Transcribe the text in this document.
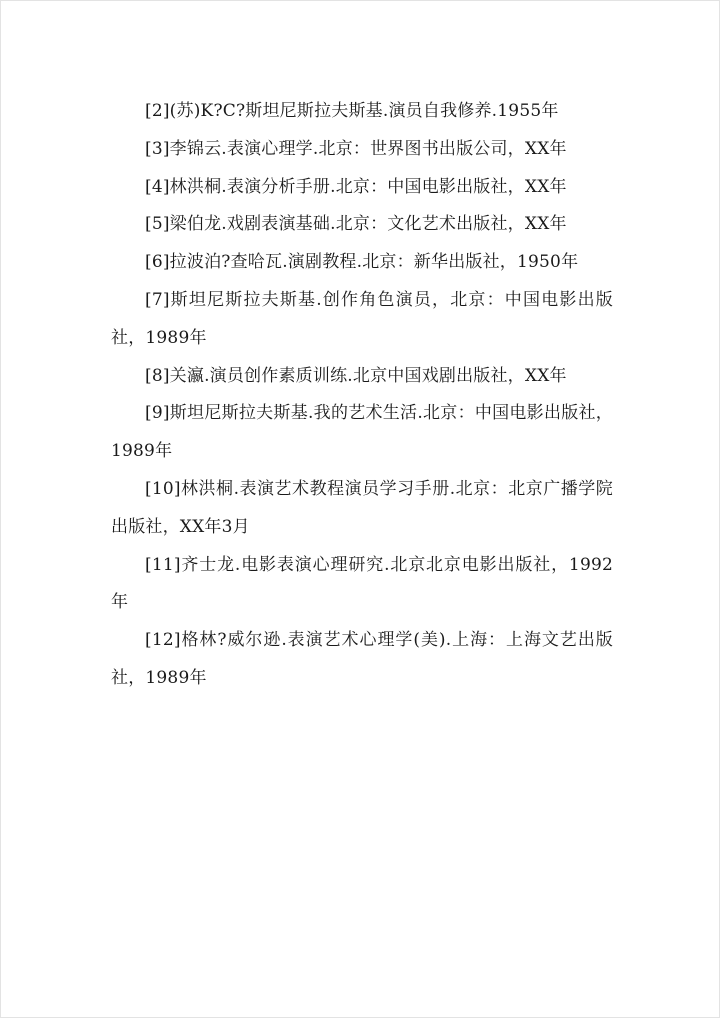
[2](苏)K?C?斯坦尼斯拉夫斯基.演员自我修养.1955年
[3]李锦云.表演心理学.北京：世界图书出版公司，XX年
[4]林洪桐.表演分析手册.北京：中国电影出版社，XX年
[5]梁伯龙.戏剧表演基础.北京：文化艺术出版社，XX年
[6]拉波泊?查哈瓦.演剧教程.北京：新华出版社，1950年
[7]斯坦尼斯拉夫斯基.创作角色演员，北京：中国电影出版社，1989年
[8]关瀛.演员创作素质训练.北京中国戏剧出版社，XX年
[9]斯坦尼斯拉夫斯基.我的艺术生活.北京：中国电影出版社，1989年
[10]林洪桐.表演艺术教程演员学习手册.北京：北京广播学院出版社，XX年3月
[11]齐士龙.电影表演心理研究.北京北京电影出版社，1992年
[12]格林?威尔逊.表演艺术心理学(美).上海：上海文艺出版社，1989年
